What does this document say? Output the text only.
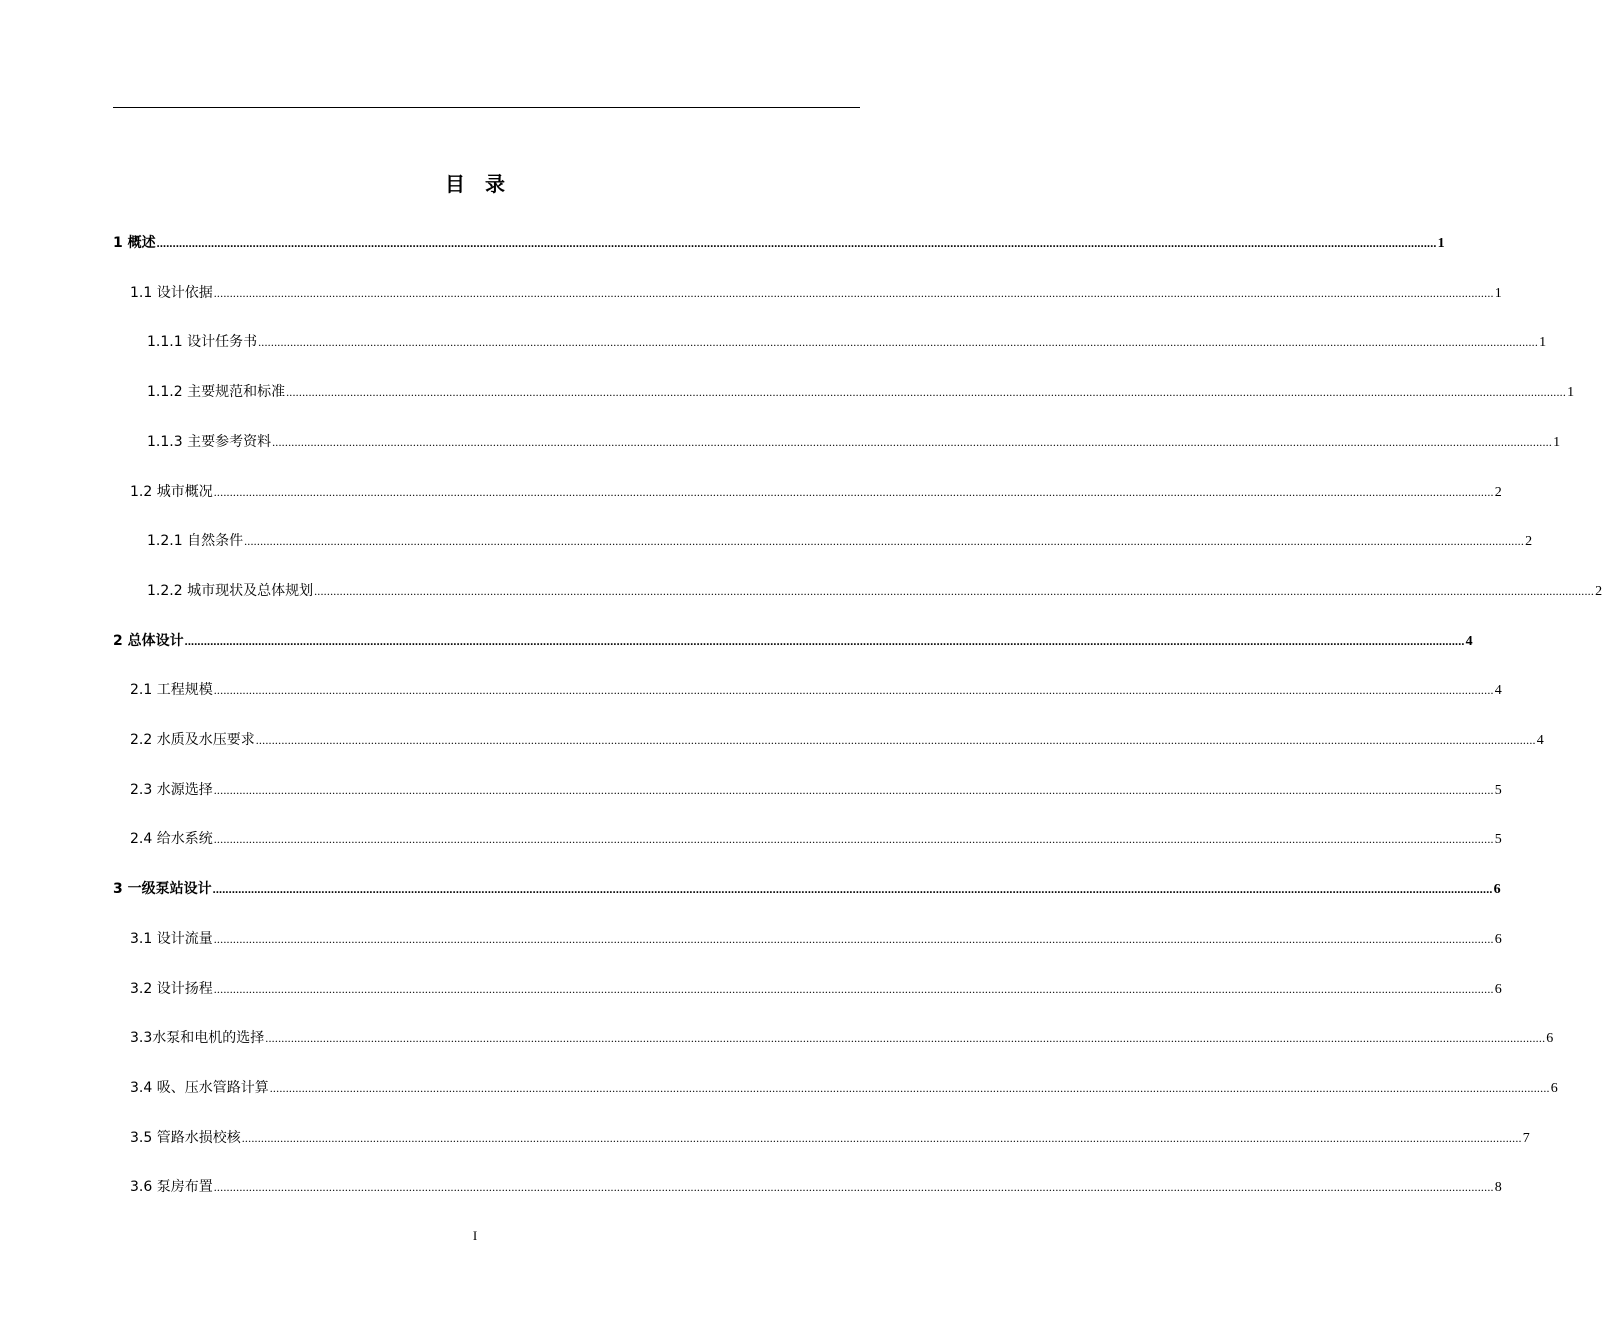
目　录
1 概述 ................................................................................................................................................................................................................................................................................................................................................................................................................ 1
1.1 设计依据 ................................................................................................................................................................................................................................................................................................................................................................................................................ 1
1.1.1 设计任务书 ................................................................................................................................................................................................................................................................................................................................................................................................................ 1
1.1.2 主要规范和标准 ................................................................................................................................................................................................................................................................................................................................................................................................................ 1
1.1.3 主要参考资料 ................................................................................................................................................................................................................................................................................................................................................................................................................ 1
1.2 城市概况 ................................................................................................................................................................................................................................................................................................................................................................................................................ 2
1.2.1 自然条件 ................................................................................................................................................................................................................................................................................................................................................................................................................ 2
1.2.2 城市现状及总体规划 ................................................................................................................................................................................................................................................................................................................................................................................................................ 2
2 总体设计 ................................................................................................................................................................................................................................................................................................................................................................................................................ 4
2.1 工程规模 ................................................................................................................................................................................................................................................................................................................................................................................................................ 4
2.2 水质及水压要求 ................................................................................................................................................................................................................................................................................................................................................................................................................ 4
2.3 水源选择 ................................................................................................................................................................................................................................................................................................................................................................................................................ 5
2.4 给水系统 ................................................................................................................................................................................................................................................................................................................................................................................................................ 5
3 一级泵站设计 ................................................................................................................................................................................................................................................................................................................................................................................................................ 6
3.1 设计流量 ................................................................................................................................................................................................................................................................................................................................................................................................................ 6
3.2 设计扬程 ................................................................................................................................................................................................................................................................................................................................................................................................................ 6
3.3水泵和电机的选择 ................................................................................................................................................................................................................................................................................................................................................................................................................ 6
3.4 吸、压水管路计算 ................................................................................................................................................................................................................................................................................................................................................................................................................ 6
3.5 管路水损校核 ................................................................................................................................................................................................................................................................................................................................................................................................................ 7
3.6 泵房布置 ................................................................................................................................................................................................................................................................................................................................................................................................................ 8
I
